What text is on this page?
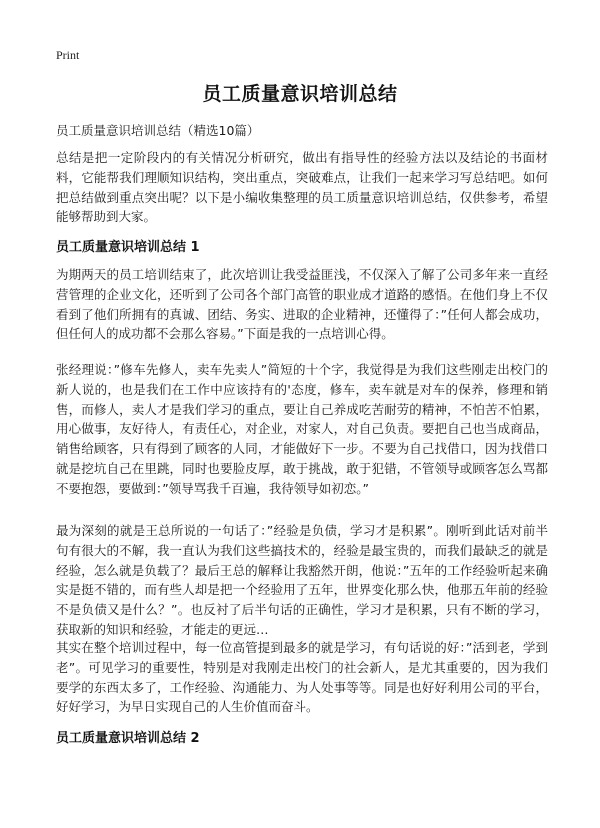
Print
员工质量意识培训总结
员工质量意识培训总结（精选10篇）

总结是把一定阶段内的有关情况分析研究，做出有指导性的经验方法以及结论的书面材料，它能帮我们理顺知识结构，突出重点，突破难点，让我们一起来学习写总结吧。如何把总结做到重点突出呢？以下是小编收集整理的员工质量意识培训总结，仅供参考，希望能够帮助到大家。

员工质量意识培训总结 1

为期两天的员工培训结束了，此次培训让我受益匪浅，不仅深入了解了公司多年来一直经营管理的企业文化，还听到了公司各个部门高管的职业成才道路的感悟。在他们身上不仅看到了他们所拥有的真诚、团结、务实、进取的企业精神，还懂得了：”任何人都会成功，但任何人的成功都不会那么容易。”下面是我的一点培训心得。

张经理说：”修车先修人，卖车先卖人”简短的十个字，我觉得是为我们这些刚走出校门的新人说的，也是我们在工作中应该持有的'态度，修车，卖车就是对车的保养，修理和销售，而修人，卖人才是我们学习的重点，要让自己养成吃苦耐劳的精神，不怕苦不怕累，用心做事，友好待人，有责任心，对企业，对家人，对自己负责。要把自己也当成商品，销售给顾客，只有得到了顾客的人同，才能做好下一步。不要为自己找借口，因为找借口就是挖坑自己在里跳，同时也要脸皮厚，敢于挑战，敢于犯错，不管领导或顾客怎么骂都不要抱怨，要做到：”领导骂我千百遍，我待领导如初恋。”

最为深刻的就是王总所说的一句话了：”经验是负债，学习才是积累”。刚听到此话对前半句有很大的不解，我一直认为我们这些搞技术的，经验是最宝贵的，而我们最缺乏的就是经验，怎么就是负载了？最后王总的解释让我豁然开朗，他说：”五年的工作经验听起来确实是挺不错的，而有些人却是把一个经验用了五年，世界变化那么快，他那五年前的经验不是负债又是什么？”。也反衬了后半句话的正确性，学习才是积累，只有不断的学习，获取新的知识和经验，才能走的更远…

其实在整个培训过程中，每一位高管提到最多的就是学习，有句话说的好：”活到老，学到老”。可见学习的重要性，特别是对我刚走出校门的社会新人，是尤其重要的，因为我们要学的东西太多了，工作经验、沟通能力、为人处事等等。同是也好好利用公司的平台，好好学习，为早日实现自己的人生价值而奋斗。

员工质量意识培训总结 2
